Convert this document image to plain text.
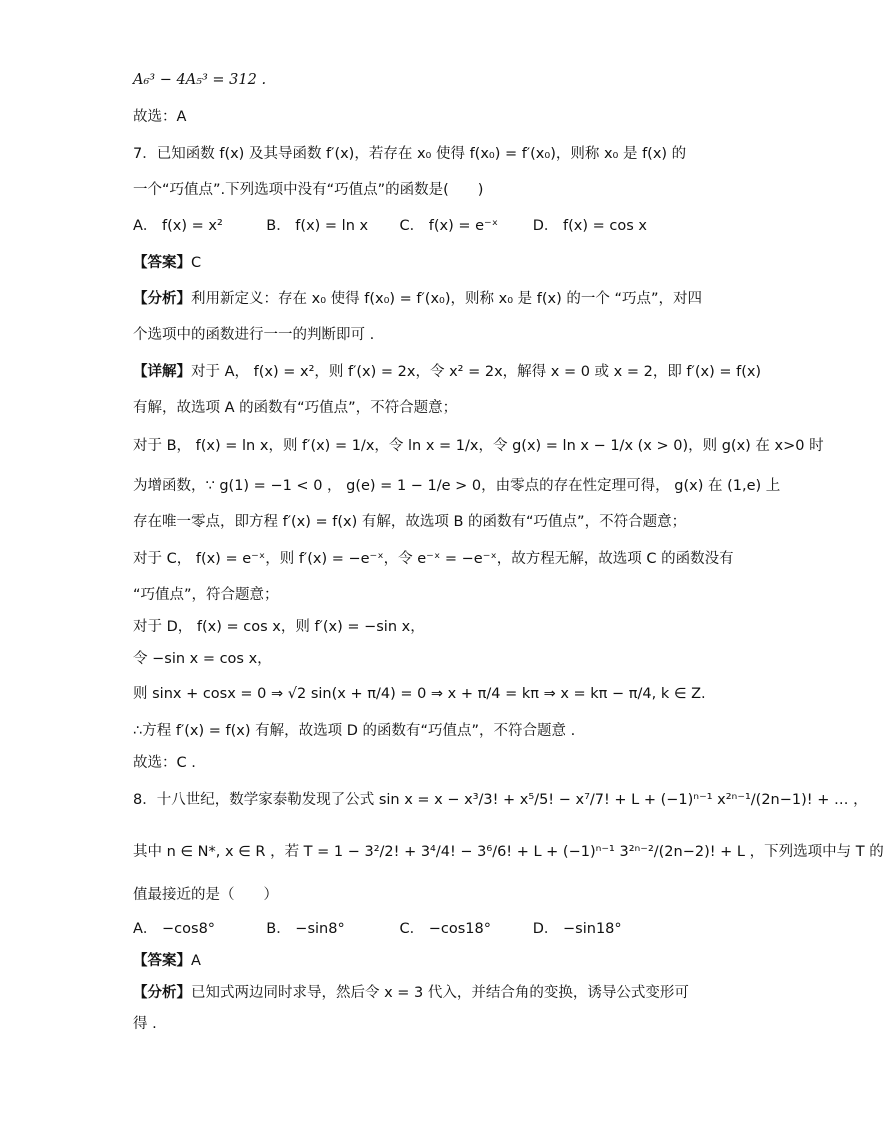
A₆³ − 4A₅³ = 312 .
故选：A
7．已知函数 f(x) 及其导函数 f′(x)，若存在 x₀ 使得 f(x₀) = f′(x₀)，则称 x₀ 是 f(x) 的
一个“巧值点”.下列选项中没有“巧值点”的函数是(　　)
A． f(x) = x²	B． f(x) = ln x	C． f(x) = e⁻ˣ	D． f(x) = cos x
【答案】C
【分析】利用新定义：存在 x₀ 使得 f(x₀) = f′(x₀)，则称 x₀ 是 f(x) 的一个 “巧点”，对四
个选项中的函数进行一一的判断即可 .
【详解】对于 A， f(x) = x²，则 f′(x) = 2x，令 x² = 2x，解得 x = 0 或 x = 2，即 f′(x) = f(x)
有解，故选项 A 的函数有“巧值点”，不符合题意；
对于 B， f(x) = ln x，则 f′(x) = 1/x，令 ln x = 1/x，令 g(x) = ln x − 1/x (x > 0)，则 g(x) 在 x>0 时
为增函数，∵ g(1) = −1 < 0 ， g(e) = 1 − 1/e > 0，由零点的存在性定理可得， g(x) 在 (1,e) 上
存在唯一零点，即方程 f′(x) = f(x) 有解，故选项 B 的函数有“巧值点”，不符合题意；
对于 C， f(x) = e⁻ˣ，则 f′(x) = −e⁻ˣ，令 e⁻ˣ = −e⁻ˣ，故方程无解，故选项 C 的函数没有
“巧值点”，符合题意；
对于 D， f(x) = cos x，则 f′(x) = −sin x，
令 −sin x = cos x，
则 sinx + cosx = 0 ⇒ √2 sin(x + π/4) = 0 ⇒ x + π/4 = kπ ⇒ x = kπ − π/4, k ∈ Z.
∴方程 f′(x) = f(x) 有解，故选项 D 的函数有“巧值点”，不符合题意 .
故选：C .
8．十八世纪，数学家泰勒发现了公式 sin x = x − x³/3! + x⁵/5! − x⁷/7! + L + (−1)ⁿ⁻¹ x²ⁿ⁻¹/(2n−1)! + … ，
其中 n ∈ N*, x ∈ R ，若 T = 1 − 3²/2! + 3⁴/4! − 3⁶/6! + L + (−1)ⁿ⁻¹ 3²ⁿ⁻²/(2n−2)! + L ，下列选项中与 T 的
值最接近的是（　　）
A． −cos8°	B． −sin8°	C． −cos18°	D． −sin18°
【答案】A
【分析】已知式两边同时求导，然后令 x = 3 代入，并结合角的变换，诱导公式变形可
得 .
